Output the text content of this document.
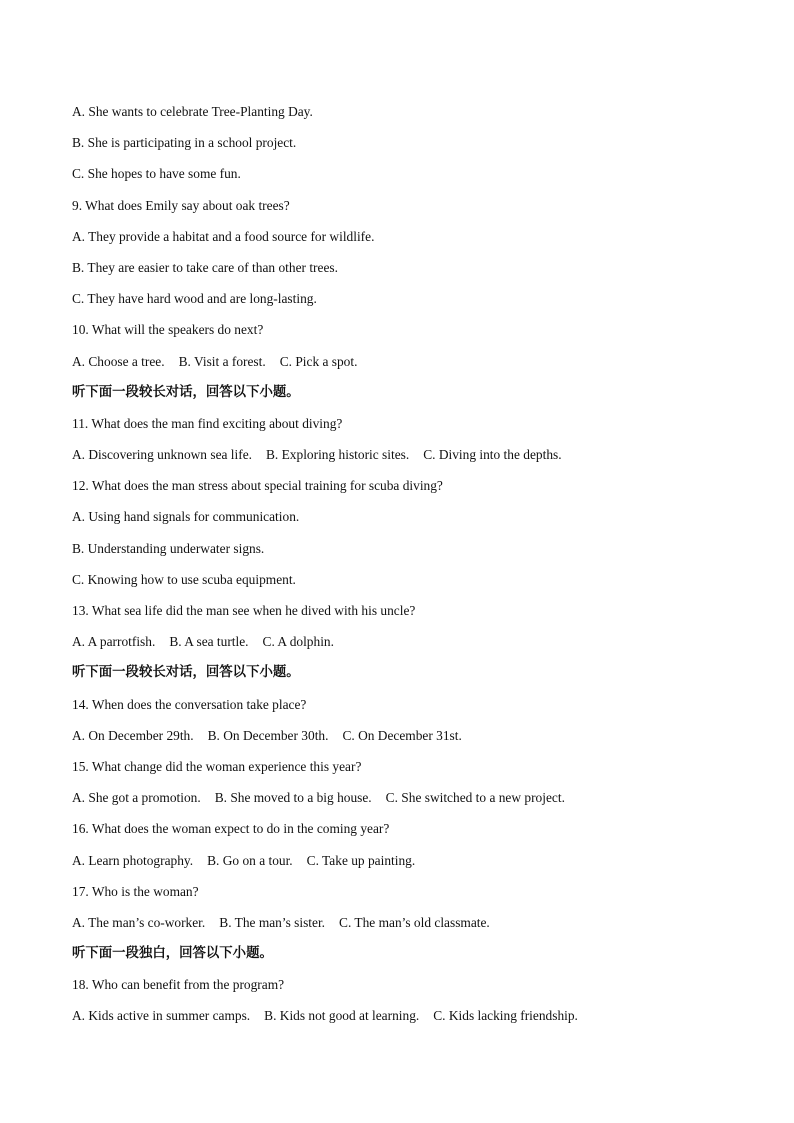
A. She wants to celebrate Tree-Planting Day.
B. She is participating in a school project.
C. She hopes to have some fun.
9. What does Emily say about oak trees?
A. They provide a habitat and a food source for wildlife.
B. They are easier to take care of than other trees.
C. They have hard wood and are long-lasting.
10. What will the speakers do next?
A. Choose a tree. B. Visit a forest. C. Pick a spot.
听下面一段较长对话，回答以下小题。
11. What does the man find exciting about diving?
A. Discovering unknown sea life. B. Exploring historic sites. C. Diving into the depths.
12. What does the man stress about special training for scuba diving?
A. Using hand signals for communication.
B. Understanding underwater signs.
C. Knowing how to use scuba equipment.
13. What sea life did the man see when he dived with his uncle?
A. A parrotfish. B. A sea turtle. C. A dolphin.
听下面一段较长对话，回答以下小题。
14. When does the conversation take place?
A. On December 29th. B. On December 30th. C. On December 31st.
15. What change did the woman experience this year?
A. She got a promotion. B. She moved to a big house. C. She switched to a new project.
16. What does the woman expect to do in the coming year?
A. Learn photography. B. Go on a tour. C. Take up painting.
17. Who is the woman?
A. The man’s co-worker. B. The man’s sister. C. The man’s old classmate.
听下面一段独白，回答以下小题。
18. Who can benefit from the program?
A. Kids active in summer camps. B. Kids not good at learning. C. Kids lacking friendship.
